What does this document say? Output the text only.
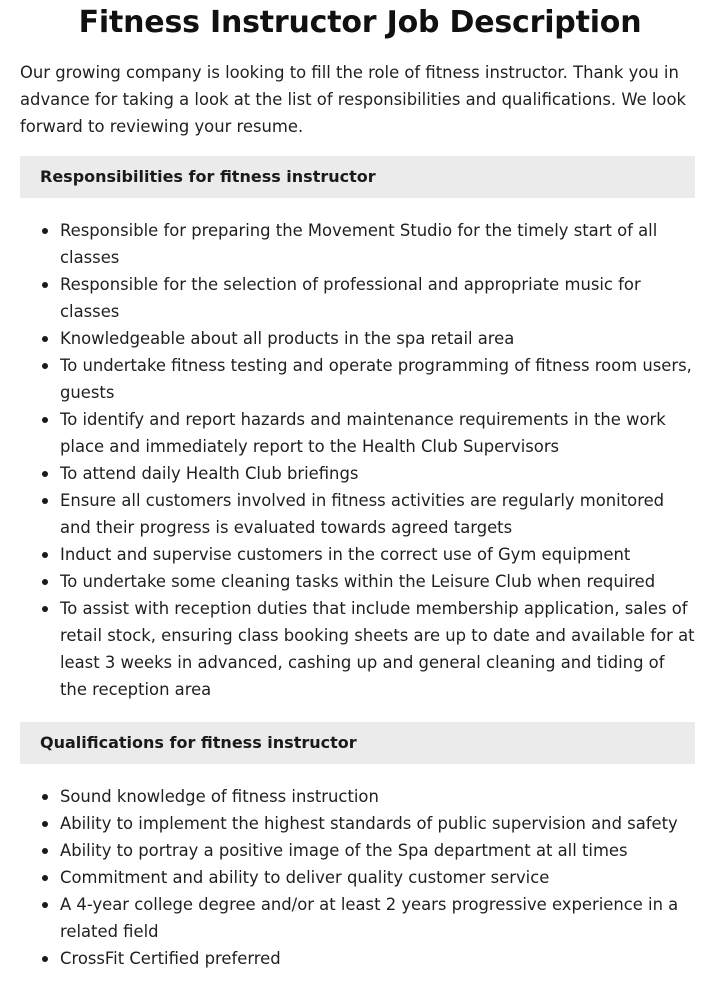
Fitness Instructor Job Description

Our growing company is looking to fill the role of fitness instructor. Thank you in advance for taking a look at the list of responsibilities and qualifications. We look forward to reviewing your resume.

Responsibilities for fitness instructor
Responsible for preparing the Movement Studio for the timely start of all classes
Responsible for the selection of professional and appropriate music for classes
Knowledgeable about all products in the spa retail area
To undertake fitness testing and operate programming of fitness room users, guests
To identify and report hazards and maintenance requirements in the work place and immediately report to the Health Club Supervisors
To attend daily Health Club briefings
Ensure all customers involved in fitness activities are regularly monitored and their progress is evaluated towards agreed targets
Induct and supervise customers in the correct use of Gym equipment
To undertake some cleaning tasks within the Leisure Club when required
To assist with reception duties that include membership application, sales of retail stock, ensuring class booking sheets are up to date and available for at least 3 weeks in advanced, cashing up and general cleaning and tiding of the reception area
Qualifications for fitness instructor
Sound knowledge of fitness instruction
Ability to implement the highest standards of public supervision and safety
Ability to portray a positive image of the Spa department at all times
Commitment and ability to deliver quality customer service
A 4-year college degree and/or at least 2 years progressive experience in a related field
CrossFit Certified preferred
